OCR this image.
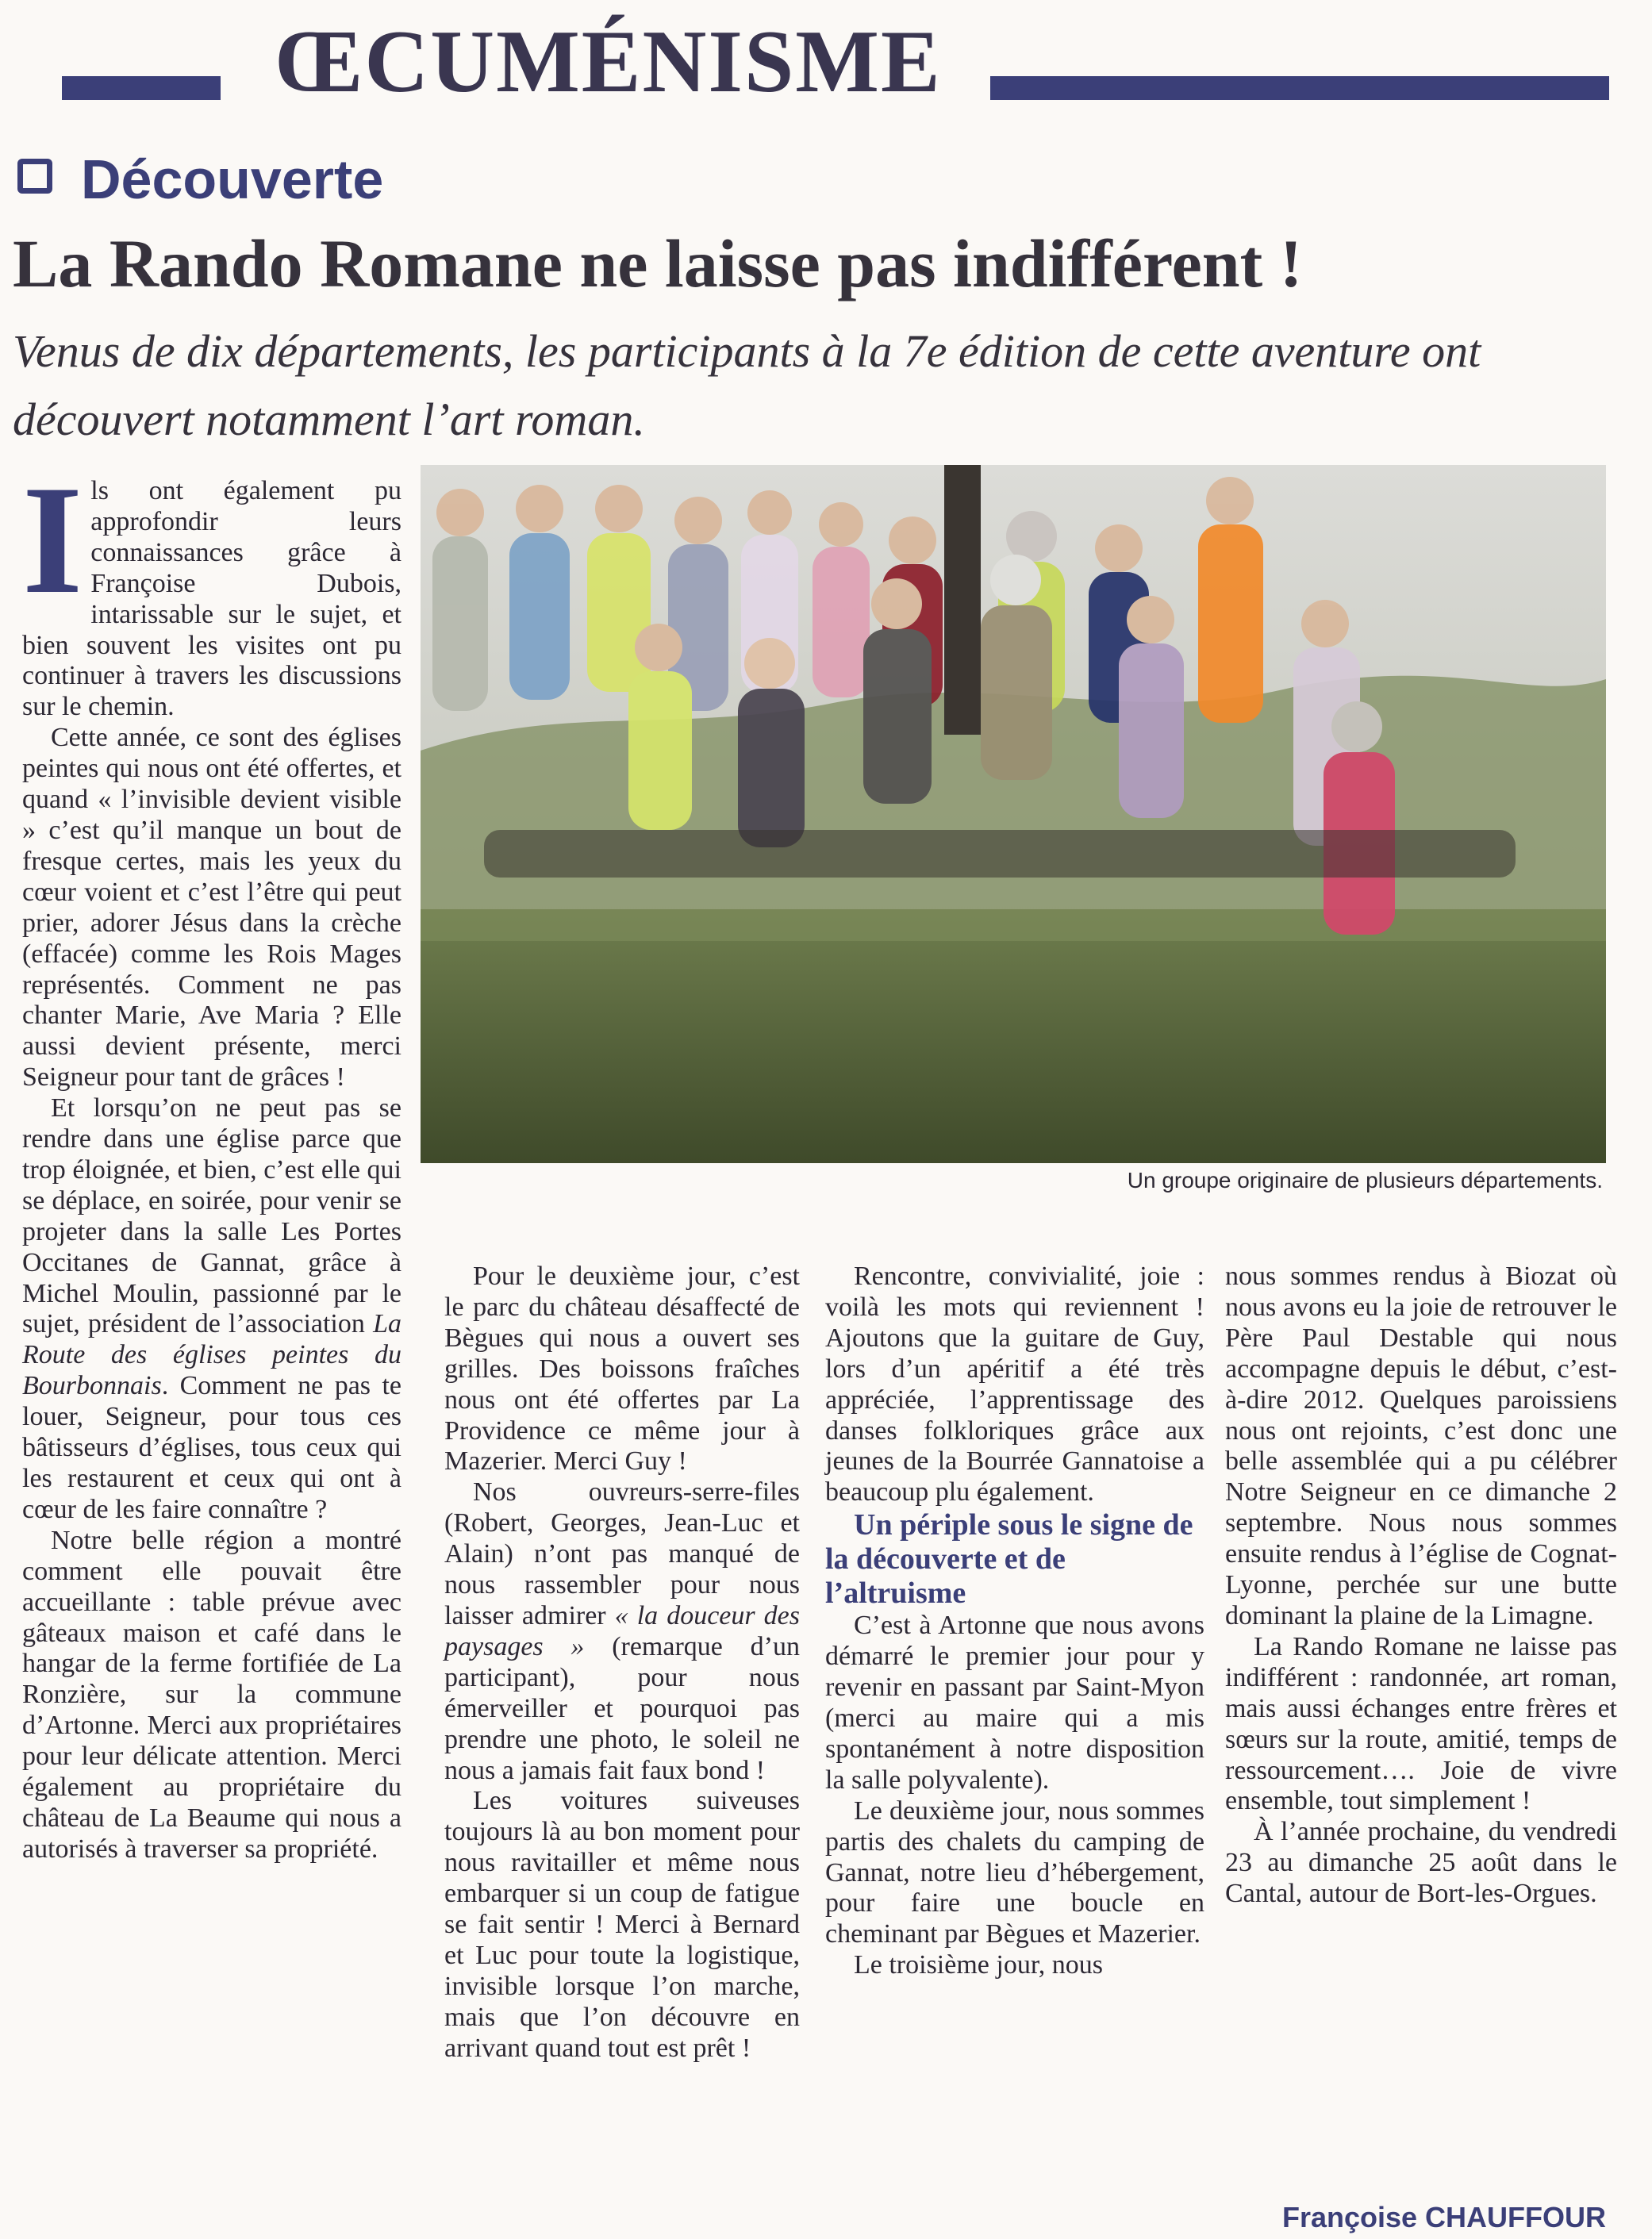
ŒCUMÉNISME
Découverte
La Rando Romane ne laisse pas indifférent !
Venus de dix départements, les participants à la 7e édition de cette aventure ont découvert notamment l’art roman.

Ils ont également pu approfondir leurs connaissances grâce à Françoise Dubois, intarissable sur le sujet, et bien souvent les visites ont pu continuer à travers les discussions sur le chemin.

Cette année, ce sont des églises peintes qui nous ont été offertes, et quand « l’invisible devient visible » c’est qu’il manque un bout de fresque certes, mais les yeux du cœur voient et c’est l’être qui peut prier, adorer Jésus dans la crèche (effacée) comme les Rois Mages représentés. Comment ne pas chanter Marie, Ave Maria ? Elle aussi devient présente, merci Seigneur pour tant de grâces !

Et lorsqu’on ne peut pas se rendre dans une église parce que trop éloignée, et bien, c’est elle qui se déplace, en soirée, pour venir se projeter dans la salle Les Portes Occitanes de Gannat, grâce à Michel Moulin, passionné par le sujet, président de l’association La Route des églises peintes du Bourbonnais. Comment ne pas te louer, Seigneur, pour tous ces bâtisseurs d’églises, tous ceux qui les restaurent et ceux qui ont à cœur de les faire connaître ?

Notre belle région a montré comment elle pouvait être accueillante : table prévue avec gâteaux maison et café dans le hangar de la ferme fortifiée de La Ronzière, sur la commune d’Artonne. Merci aux propriétaires pour leur délicate attention. Merci également au propriétaire du château de La Beaume qui nous a autorisés à traverser sa propriété.

Un groupe originaire de plusieurs départements.

Pour le deuxième jour, c’est le parc du château désaffecté de Bègues qui nous a ouvert ses grilles. Des boissons fraîches nous ont été offertes par La Providence ce même jour à Mazerier. Merci Guy !

Nos ouvreurs-serre-files (Robert, Georges, Jean-Luc et Alain) n’ont pas manqué de nous rassembler pour nous laisser admirer « la douceur des paysages » (remarque d’un participant), pour nous émerveiller et pourquoi pas prendre une photo, le soleil ne nous a jamais fait faux bond !

Les voitures suiveuses toujours là au bon moment pour nous ravitailler et même nous embarquer si un coup de fatigue se fait sentir ! Merci à Bernard et Luc pour toute la logistique, invisible lorsque l’on marche, mais que l’on découvre en arrivant quand tout est prêt !

Rencontre, convivialité, joie : voilà les mots qui reviennent ! Ajoutons que la guitare de Guy, lors d’un apéritif a été très appréciée, l’apprentissage des danses folkloriques grâce aux jeunes de la Bourrée Gannatoise a beaucoup plu également.

Un périple sous le signe de la découverte et de l’altruisme

C’est à Artonne que nous avons démarré le premier jour pour y revenir en passant par Saint-Myon (merci au maire qui a mis spontanément à notre disposition la salle polyvalente).

Le deuxième jour, nous sommes partis des chalets du camping de Gannat, notre lieu d’hébergement, pour faire une boucle en cheminant par Bègues et Mazerier.

Le troisième jour, nous

nous sommes rendus à Biozat où nous avons eu la joie de retrouver le Père Paul Destable qui nous accompagne depuis le début, c’est-à-dire 2012. Quelques paroissiens nous ont rejoints, c’est donc une belle assemblée qui a pu célébrer Notre Seigneur en ce dimanche 2 septembre. Nous nous sommes ensuite rendus à l’église de Cognat-Lyonne, perchée sur une butte dominant la plaine de la Limagne.

La Rando Romane ne laisse pas indifférent : randonnée, art roman, mais aussi échanges entre frères et sœurs sur la route, amitié, temps de ressourcement…. Joie de vivre ensemble, tout simplement !

À l’année prochaine, du vendredi 23 au dimanche 25 août dans le Cantal, autour de Bort-les-Orgues.

Françoise CHAUFFOUR
